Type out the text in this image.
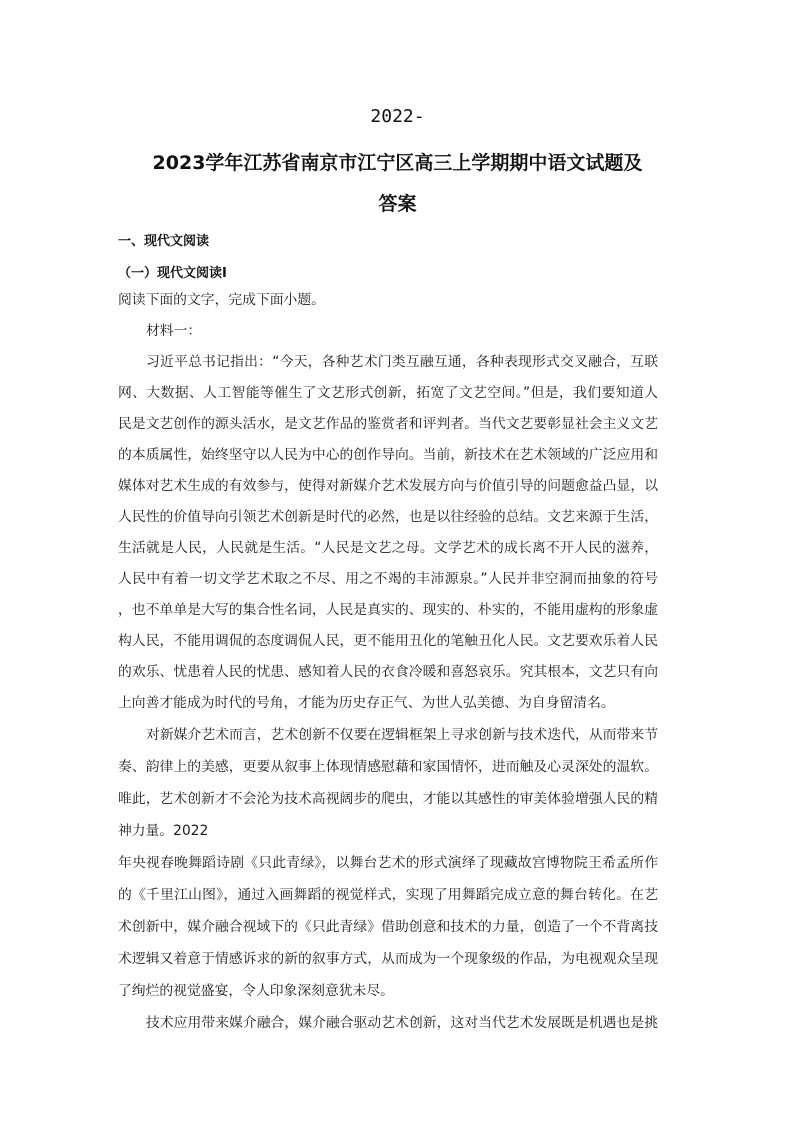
2022-
2023学年江苏省南京市江宁区高三上学期期中语文试题及
答案
一、现代文阅读
（一）现代文阅读Ⅰ
阅读下面的文字，完成下面小题。
材料一：
习近平总书记指出：“今天，各种艺术门类互融互通，各种表现形式交叉融合，互联
网、大数据、人工智能等催生了文艺形式创新，拓宽了文艺空间。”但是，我们要知道人
民是文艺创作的源头活水，是文艺作品的鉴赏者和评判者。当代文艺要彰显社会主义文艺
的本质属性，始终坚守以人民为中心的创作导向。当前，新技术在艺术领域的广泛应用和
媒体对艺术生成的有效参与，使得对新媒介艺术发展方向与价值引导的问题愈益凸显，以
人民性的价值导向引领艺术创新是时代的必然，也是以往经验的总结。文艺来源于生活，
生活就是人民，人民就是生活。“人民是文艺之母。文学艺术的成长离不开人民的滋养，
人民中有着一切文学艺术取之不尽、用之不竭的丰沛源泉。”人民并非空洞而抽象的符号
，也不单单是大写的集合性名词，人民是真实的、现实的、朴实的，不能用虚构的形象虚
构人民，不能用调侃的态度调侃人民，更不能用丑化的笔触丑化人民。文艺要欢乐着人民
的欢乐、忧患着人民的忧患、感知着人民的衣食冷暖和喜怒哀乐。究其根本，文艺只有向
上向善才能成为时代的号角，才能为历史存正气、为世人弘美德、为自身留清名。
对新媒介艺术而言，艺术创新不仅要在逻辑框架上寻求创新与技术迭代，从而带来节
奏、韵律上的美感，更要从叙事上体现情感慰藉和家国情怀，进而触及心灵深处的温软。
唯此，艺术创新才不会沦为技术高视阔步的爬虫，才能以其感性的审美体验增强人民的精
神力量。2022
年央视春晚舞蹈诗剧《只此青绿》，以舞台艺术的形式演绎了现藏故宫博物院王希孟所作
的《千里江山图》，通过入画舞蹈的视觉样式，实现了用舞蹈完成立意的舞台转化。在艺
术创新中，媒介融合视域下的《只此青绿》借助创意和技术的力量，创造了一个不背离技
术逻辑又着意于情感诉求的新的叙事方式，从而成为一个现象级的作品，为电视观众呈现
了绚烂的视觉盛宴，令人印象深刻意犹未尽。
技术应用带来媒介融合，媒介融合驱动艺术创新，这对当代艺术发展既是机遇也是挑
